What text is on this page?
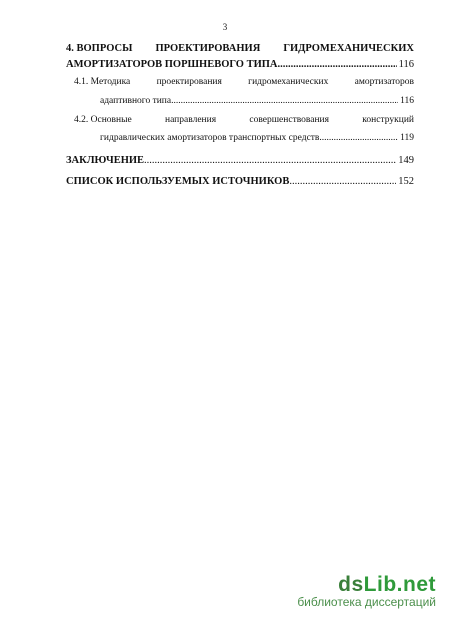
3
4. ВОПРОСЫ ПРОЕКТИРОВАНИЯ ГИДРОМЕХАНИЧЕСКИХ
АМОРТИЗАТОРОВ ПОРШНЕВОГО ТИПА .....	116
4.1. Методика	проектирования	гидромеханических	амортизаторов
адаптивного типа .....	116
4.2. Основные	направления	совершенствования	конструкций
гидравлических амортизаторов транспортных средств .....	119
ЗАКЛЮЧЕНИЕ .....	149
СПИСОК ИСПОЛЬЗУЕМЫХ ИСТОЧНИКОВ .....	152
dsLib.net
библиотека диссертаций
